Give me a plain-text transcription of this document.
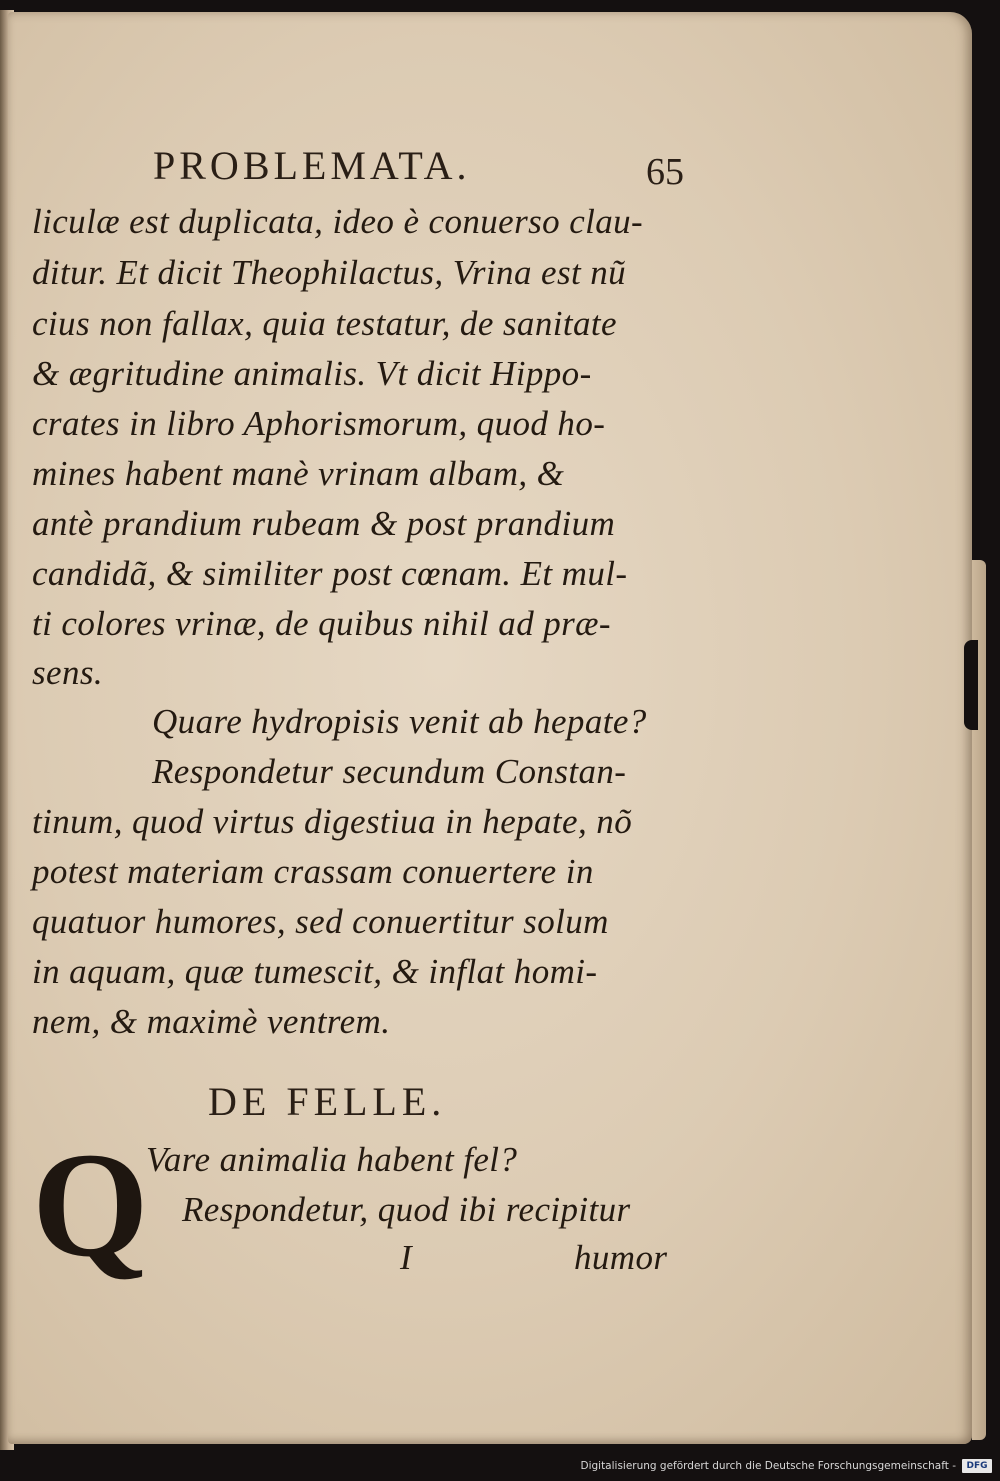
PROBLEMATA.	65
liculæ est duplicata, ideo è conuerso clau-
ditur. Et dicit Theophilactus, Vrina est nũ
cius non fallax, quia testatur, de sanitate
& ægritudine animalis. Vt dicit Hippo-
crates in libro Aphorismorum, quod ho-
mines habent manè vrinam albam, &
antè prandium rubeam & post prandium
candidã, & similiter post cœnam. Et mul-
ti colores vrinæ, de quibus nihil ad præ-
sens.
Quare hydropisis venit ab hepate?
Respondetur secundum Constan-
tinum, quod virtus digestiua in hepate, nõ
potest materiam crassam conuertere in
quatuor humores, sed conuertitur solum
in aquam, quæ tumescit, & inflat homi-
nem, & maximè ventrem.
DE FELLE.
Q
Vare animalia habent fel?
Respondetur, quod ibi recipitur
I	humor
Digitalisierung gefördert durch die Deutsche Forschungsgemeinschaft -	DFG
